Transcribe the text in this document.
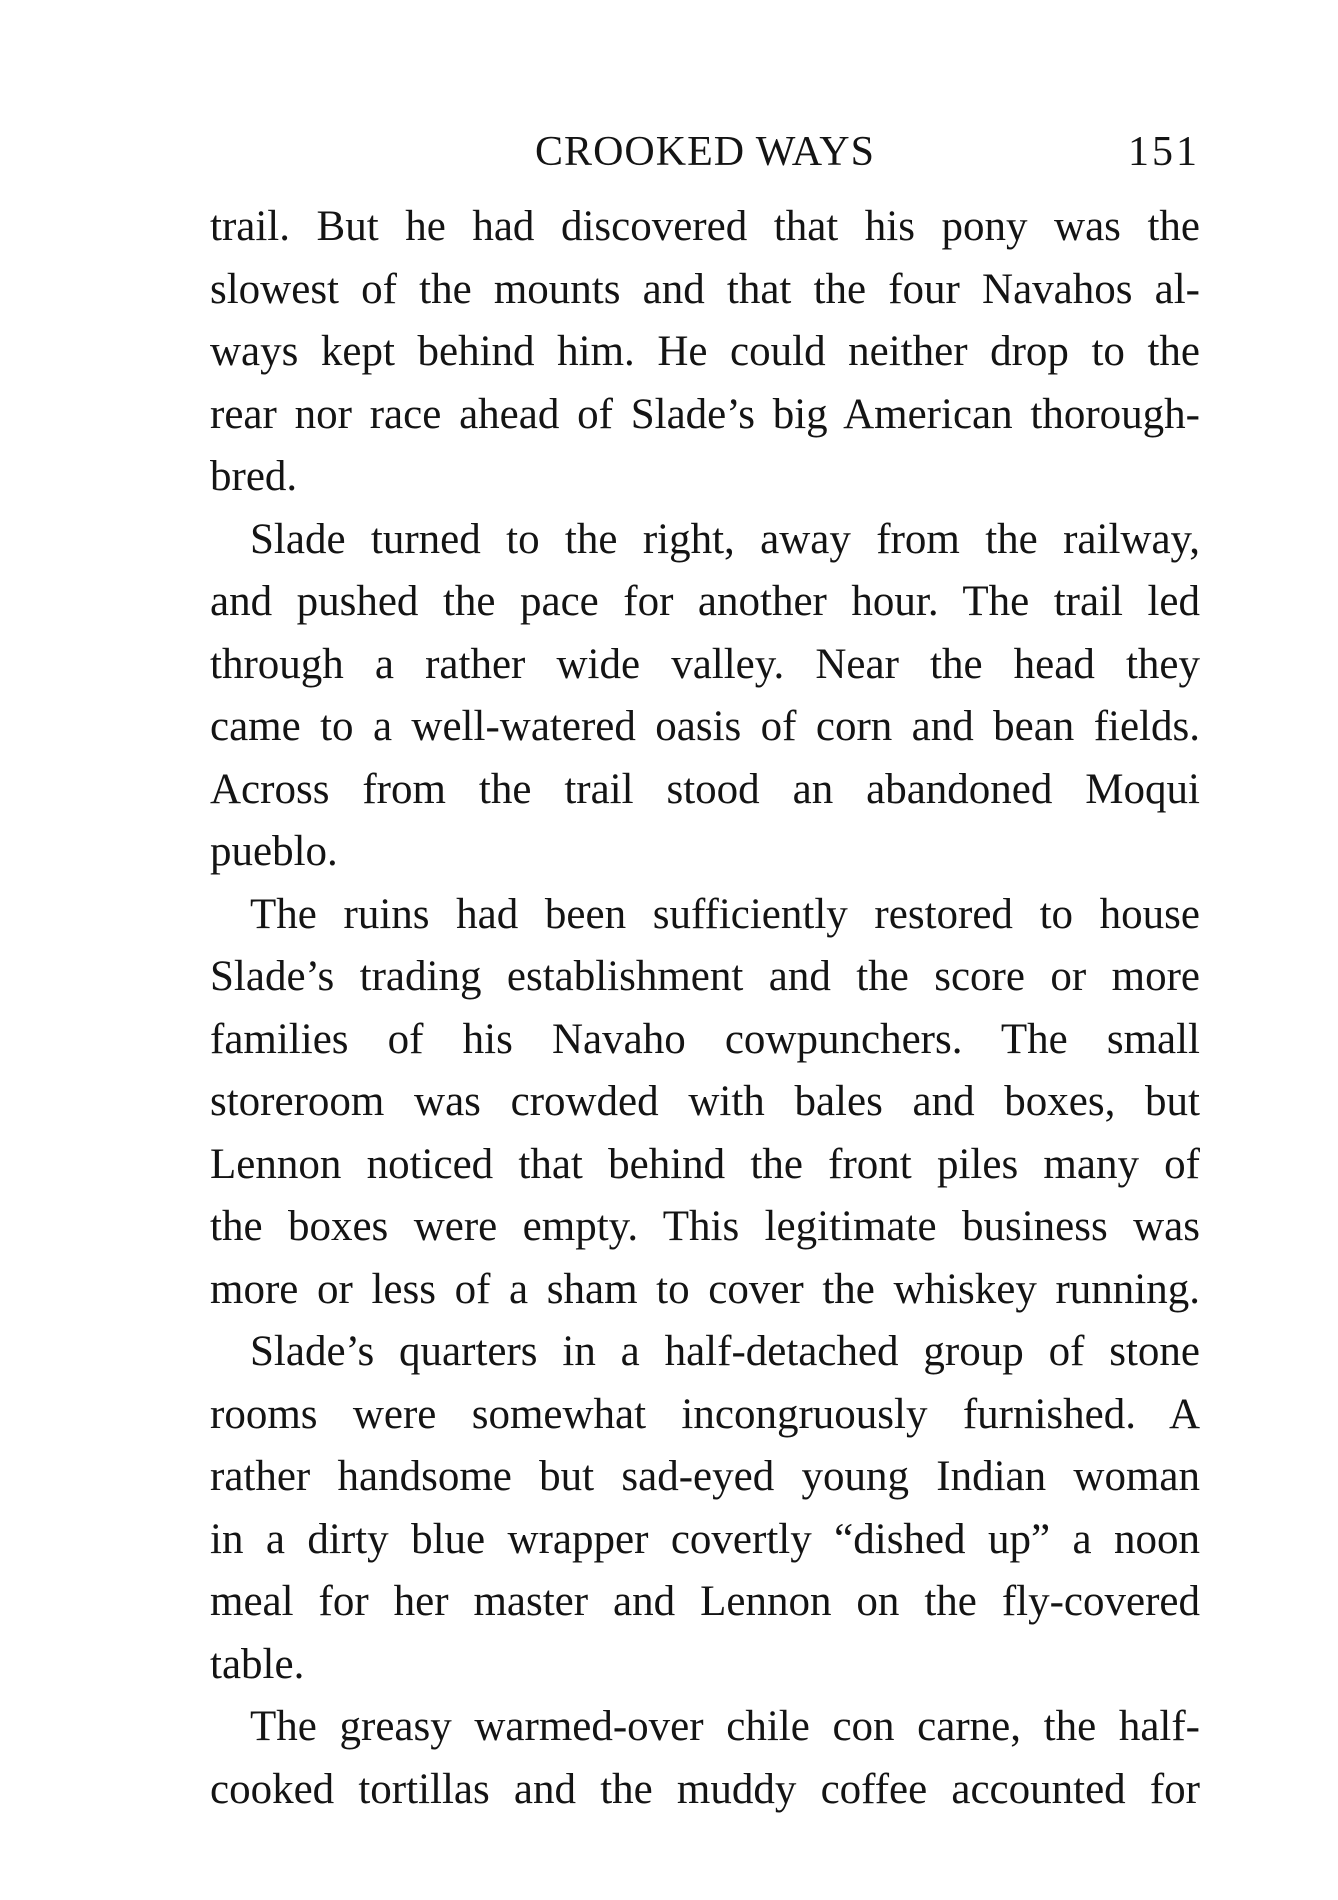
CROOKED WAYS	151
trail. But he had discovered that his pony was the
slowest of the mounts and that the four Navahos al-
ways kept behind him. He could neither drop to the
rear nor race ahead of Slade’s big American thorough-
bred.
Slade turned to the right, away from the railway,
and pushed the pace for another hour. The trail led
through a rather wide valley. Near the head they
came to a well-watered oasis of corn and bean fields.
Across from the trail stood an abandoned Moqui
pueblo.
The ruins had been sufficiently restored to house
Slade’s trading establishment and the score or more
families of his Navaho cowpunchers. The small
storeroom was crowded with bales and boxes, but
Lennon noticed that behind the front piles many of
the boxes were empty. This legitimate business was
more or less of a sham to cover the whiskey running.
Slade’s quarters in a half-detached group of stone
rooms were somewhat incongruously furnished. A
rather handsome but sad-eyed young Indian woman
in a dirty blue wrapper covertly “dished up” a noon
meal for her master and Lennon on the fly-covered
table.
The greasy warmed-over chile con carne, the half-
cooked tortillas and the muddy coffee accounted for
